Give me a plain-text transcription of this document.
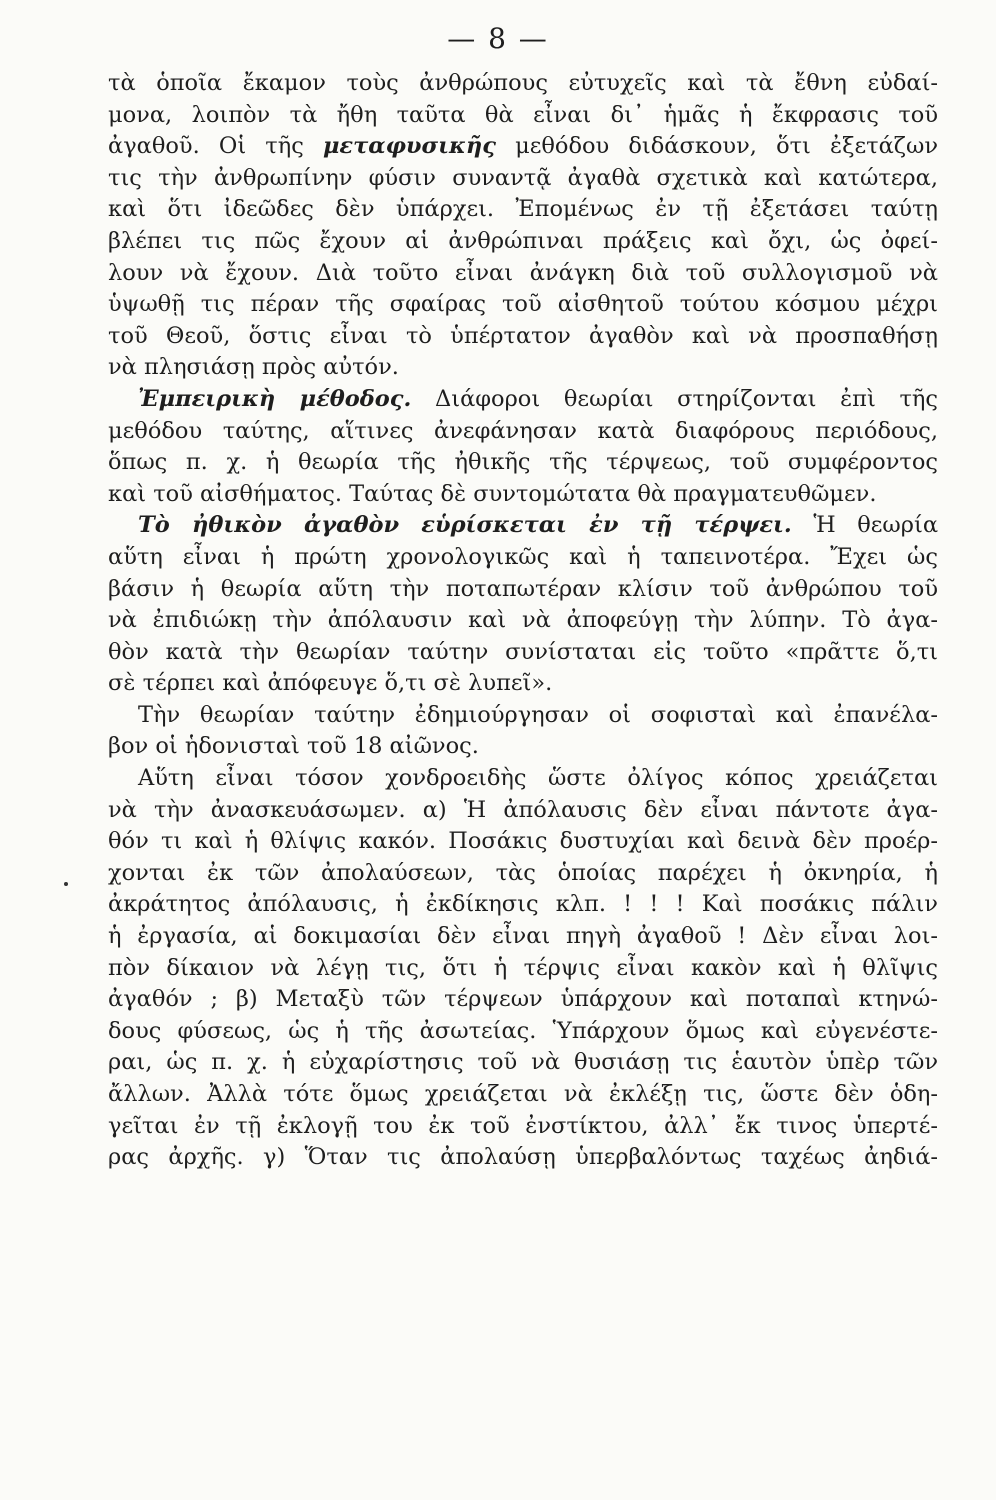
— 8 —
τὰ ὁποῖα ἔκαμον τοὺς ἀνθρώπους εὐτυχεῖς καὶ τὰ ἔθνη εὐδαί-
μονα, λοιπὸν τὰ ἤθη ταῦτα θὰ εἶναι δι᾽ ἡμᾶς ἡ ἔκφρασις τοῦ
ἀγαθοῦ. Οἱ τῆς μεταφυσικῆς μεθόδου διδάσκουν, ὅτι ἐξετάζων
τις τὴν ἀνθρωπίνην φύσιν συναντᾷ ἀγαθὰ σχετικὰ καὶ κατώτερα,
καὶ ὅτι ἰδεῶδες δὲν ὑπάρχει. Ἐπομένως ἐν τῇ ἐξετάσει ταύτῃ
βλέπει τις πῶς ἔχουν αἱ ἀνθρώπιναι πράξεις καὶ ὄχι, ὡς ὀφεί-
λουν νὰ ἔχουν. Διὰ τοῦτο εἶναι ἀνάγκη διὰ τοῦ συλλογισμοῦ νὰ
ὑψωθῇ τις πέραν τῆς σφαίρας τοῦ αἰσθητοῦ τούτου κόσμου μέχρι
τοῦ Θεοῦ, ὅστις εἶναι τὸ ὑπέρτατον ἀγαθὸν καὶ νὰ προσπαθήσῃ
νὰ πλησιάσῃ πρὸς αὐτόν.
Ἐμπειρικὴ μέθοδος. Διάφοροι θεωρίαι στηρίζονται ἐπὶ τῆς
μεθόδου ταύτης, αἵτινες ἀνεφάνησαν κατὰ διαφόρους περιόδους,
ὅπως π. χ. ἡ θεωρία τῆς ἠθικῆς τῆς τέρψεως, τοῦ συμφέροντος
καὶ τοῦ αἰσθήματος. Ταύτας δὲ συντομώτατα θὰ πραγματευθῶμεν.
Τὸ ἠθικὸν ἀγαθὸν εὑρίσκεται ἐν τῇ τέρψει. Ἡ θεωρία
αὕτη εἶναι ἡ πρώτη χρονολογικῶς καὶ ἡ ταπεινοτέρα. Ἔχει ὡς
βάσιν ἡ θεωρία αὕτη τὴν ποταπωτέραν κλίσιν τοῦ ἀνθρώπου τοῦ
νὰ ἐπιδιώκῃ τὴν ἀπόλαυσιν καὶ νὰ ἀποφεύγῃ τὴν λύπην. Τὸ ἀγα-
θὸν κατὰ τὴν θεωρίαν ταύτην συνίσταται εἰς τοῦτο «πρᾶττε ὅ,τι
σὲ τέρπει καὶ ἀπόφευγε ὅ,τι σὲ λυπεῖ».
Τὴν θεωρίαν ταύτην ἐδημιούργησαν οἱ σοφισταὶ καὶ ἐπανέλα-
βον οἱ ἡδονισταὶ τοῦ 18 αἰῶνος.
Αὕτη εἶναι τόσον χονδροειδὴς ὥστε ὀλίγος κόπος χρειάζεται
νὰ τὴν ἀνασκευάσωμεν. α) Ἡ ἀπόλαυσις δὲν εἶναι πάντοτε ἀγα-
θόν τι καὶ ἡ θλίψις κακόν. Ποσάκις δυστυχίαι καὶ δεινὰ δὲν προέρ-
χονται ἐκ τῶν ἀπολαύσεων, τὰς ὁποίας παρέχει ἡ ὀκνηρία, ἡ
ἀκράτητος ἀπόλαυσις, ἡ ἐκδίκησις κλπ. ! ! ! Καὶ ποσάκις πάλιν
ἡ ἐργασία, αἱ δοκιμασίαι δὲν εἶναι πηγὴ ἀγαθοῦ ! Δὲν εἶναι λοι-
πὸν δίκαιον νὰ λέγῃ τις, ὅτι ἡ τέρψις εἶναι κακὸν καὶ ἡ θλῖψις
ἀγαθόν ; β) Μεταξὺ τῶν τέρψεων ὑπάρχουν καὶ ποταπαὶ κτηνώ-
δους φύσεως, ὡς ἡ τῆς ἀσωτείας. Ὑπάρχουν ὅμως καὶ εὐγενέστε-
ραι, ὡς π. χ. ἡ εὐχαρίστησις τοῦ νὰ θυσιάσῃ τις ἑαυτὸν ὑπὲρ τῶν
ἄλλων. Ἀλλὰ τότε ὅμως χρειάζεται νὰ ἐκλέξῃ τις, ὥστε δὲν ὁδη-
γεῖται ἐν τῇ ἐκλογῇ του ἐκ τοῦ ἐνστίκτου, ἀλλ᾽ ἔκ τινος ὑπερτέ-
ρας ἀρχῆς. γ) Ὅταν τις ἀπολαύσῃ ὑπερβαλόντως ταχέως ἀηδιά-
